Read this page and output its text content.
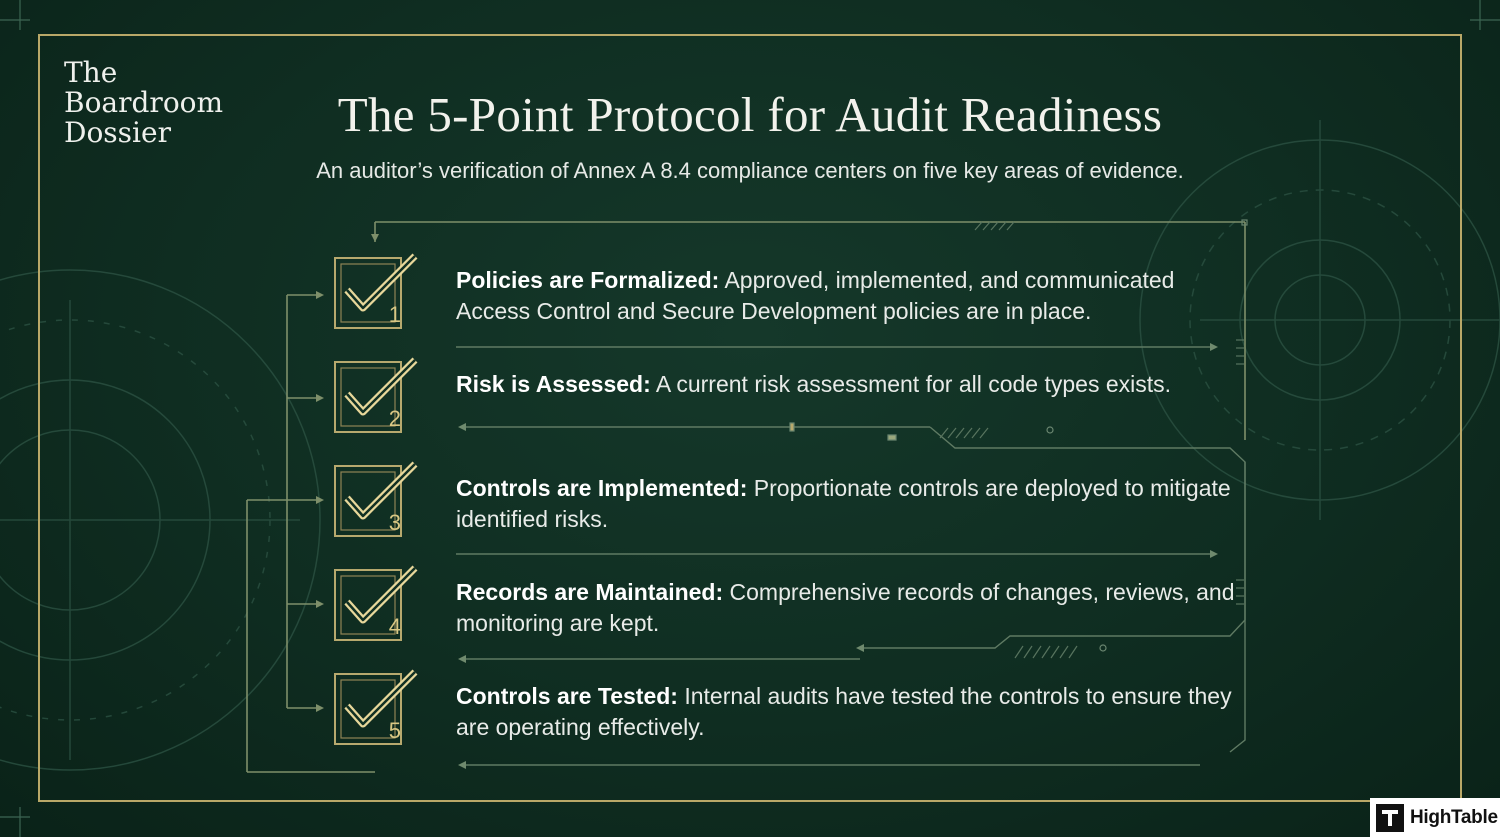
The
Boardroom
Dossier	The 5-Point Protocol for Audit Readiness
An auditor’s verification of Annex A 8.4 compliance centers on five key areas of evidence.
1
2
3
4
5
Policies are Formalized: Approved, implemented, and communicated Access Control and Secure Development policies are in place.
Risk is Assessed: A current risk assessment for all code types exists.
Controls are Implemented: Proportionate controls are deployed to mitigate identified risks.
Records are Maintained: Comprehensive records of changes, reviews, and monitoring are kept.
Controls are Tested: Internal audits have tested the controls to ensure they are operating effectively.
HighTable
